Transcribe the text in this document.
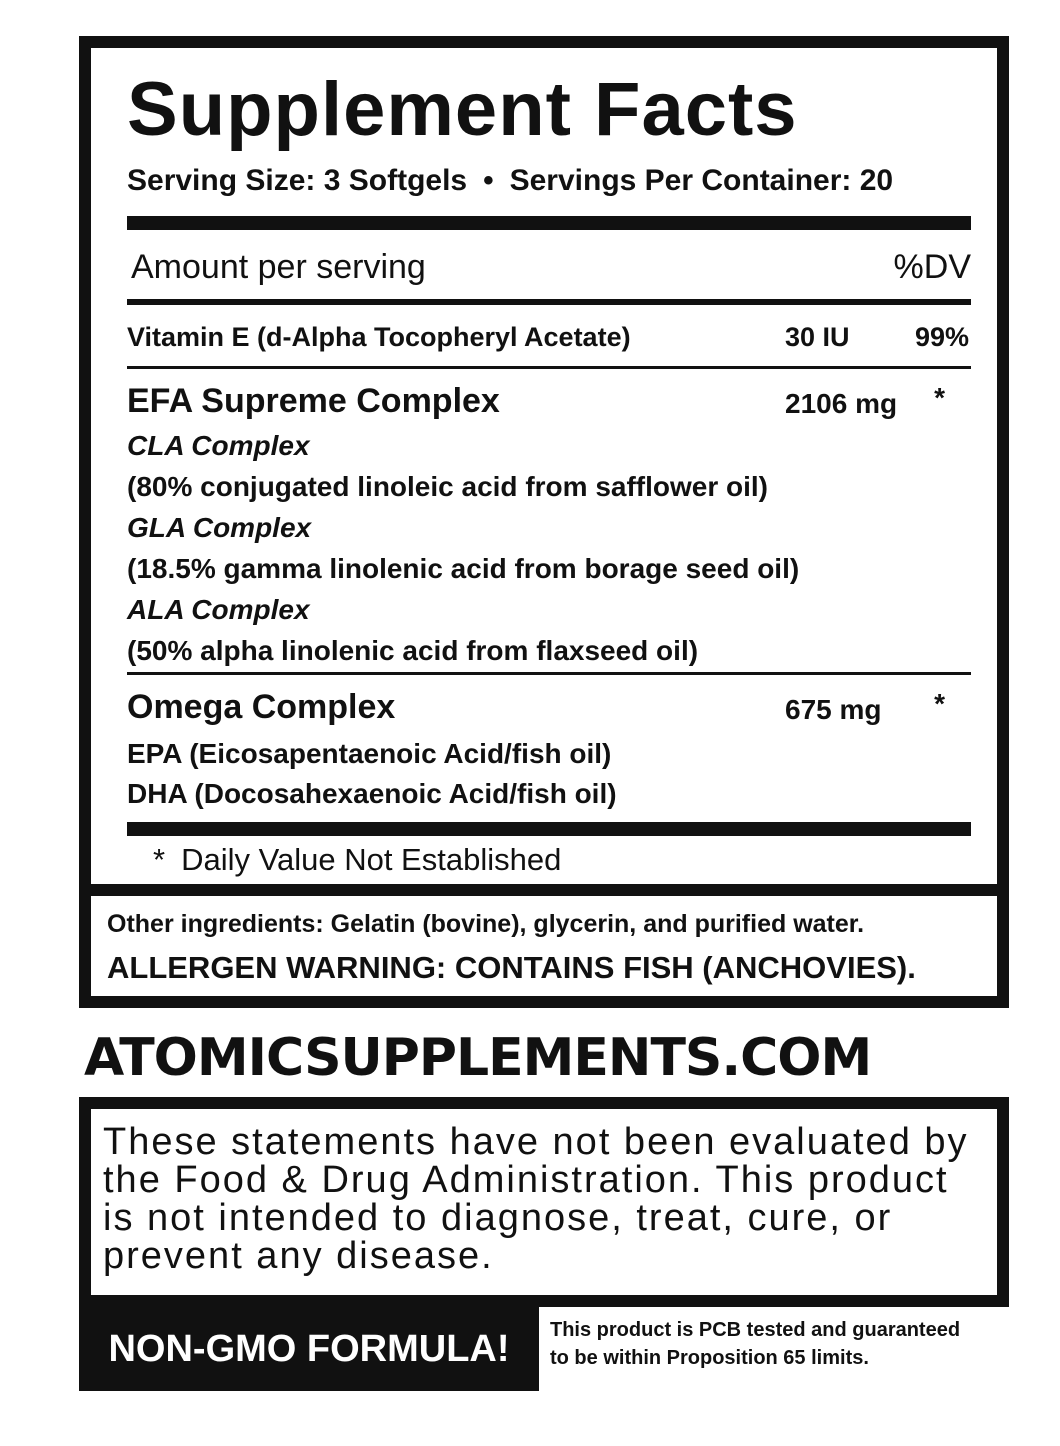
Supplement Facts
Serving Size: 3 Softgels • Servings Per Container: 20
Amount per serving	%DV
Vitamin E (d-Alpha Tocopheryl Acetate)	30 IU 99%
EFA Supreme Complex	2106 mg *
CLA Complex
(80% conjugated linoleic acid from safflower oil)
GLA Complex
(18.5% gamma linolenic acid from borage seed oil)
ALA Complex
(50% alpha linolenic acid from flaxseed oil)
Omega Complex	675 mg *
EPA (Eicosapentaenoic Acid/fish oil)
DHA (Docosahexaenoic Acid/fish oil)
* Daily Value Not Established
Other ingredients: Gelatin (bovine), glycerin, and purified water.
ALLERGEN WARNING: CONTAINS FISH (ANCHOVIES).
ATOMICSUPPLEMENTS.COM
These statements have not been evaluated by
the Food & Drug Administration. This product
is not intended to diagnose, treat, cure, or
prevent any disease.
NON-GMO FORMULA! This product is PCB tested and guaranteed
to be within Proposition 65 limits.
